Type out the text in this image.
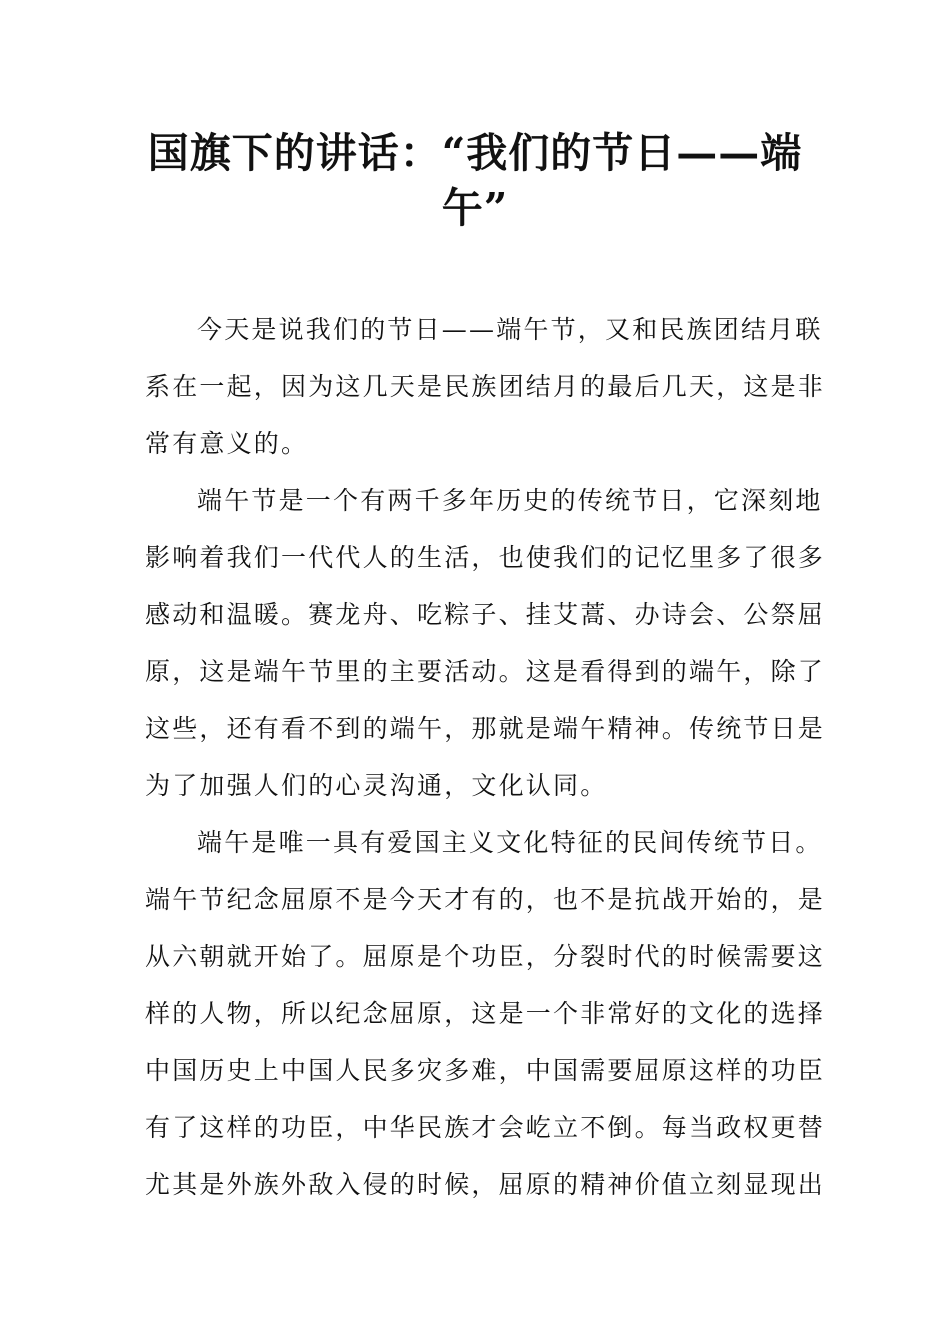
国旗下的讲话：“我们的节日——端
午”
今天是说我们的节日——端午节，又和民族团结月联
系在一起，因为这几天是民族团结月的最后几天，这是非
常有意义的。
端午节是一个有两千多年历史的传统节日，它深刻地
影响着我们一代代人的生活，也使我们的记忆里多了很多
感动和温暖。赛龙舟、吃粽子、挂艾蒿、办诗会、公祭屈
原，这是端午节里的主要活动。这是看得到的端午，除了
这些，还有看不到的端午，那就是端午精神。传统节日是
为了加强人们的心灵沟通，文化认同。
端午是唯一具有爱国主义文化特征的民间传统节日。
端午节纪念屈原不是今天才有的，也不是抗战开始的，是
从六朝就开始了。屈原是个功臣，分裂时代的时候需要这
样的人物，所以纪念屈原，这是一个非常好的文化的选择
中国历史上中国人民多灾多难，中国需要屈原这样的功臣
有了这样的功臣，中华民族才会屹立不倒。每当政权更替
尤其是外族外敌入侵的时候，屈原的精神价值立刻显现出
